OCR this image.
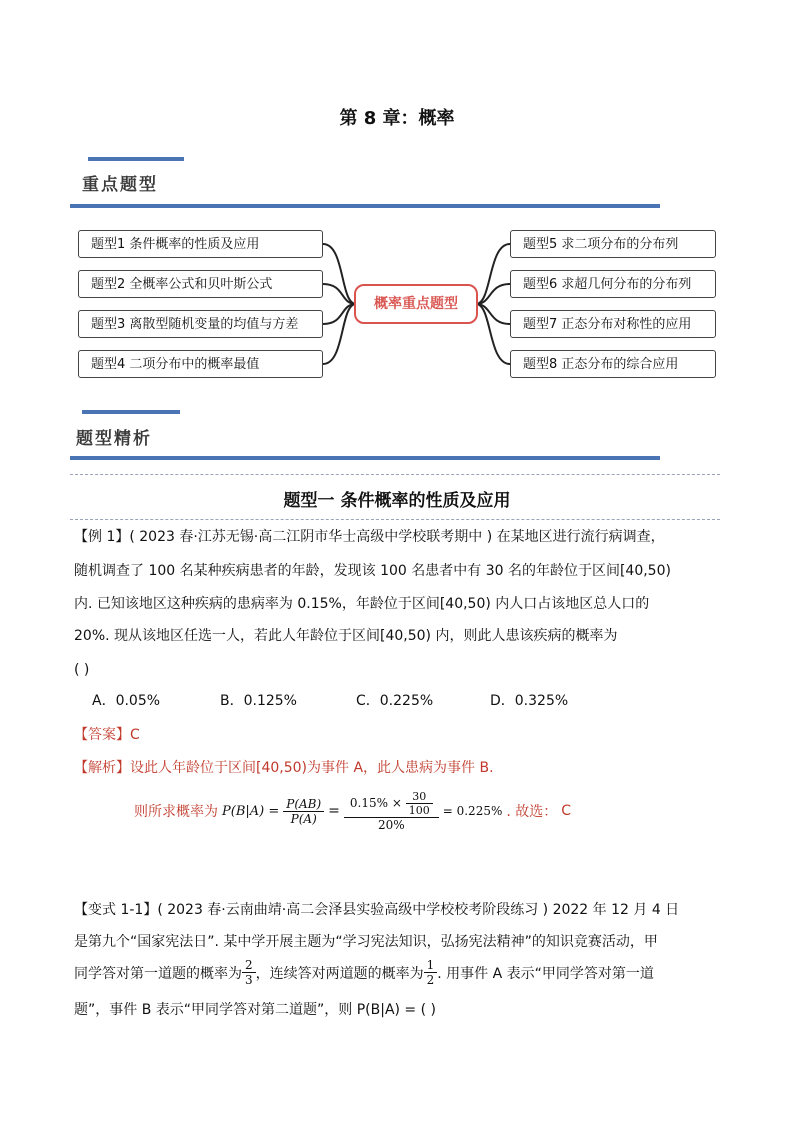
第 8 章：概率
重点题型
题型1 条件概率的性质及应用
题型2 全概率公式和贝叶斯公式
题型3 离散型随机变量的均值与方差
题型4 二项分布中的概率最值
概率重点题型
题型5 求二项分布的分布列
题型6 求超几何分布的分布列
题型7 正态分布对称性的应用
题型8 正态分布的综合应用
题型精析
题型一 条件概率的性质及应用
【例 1】( 2023 春·江苏无锡·高二江阴市华士高级中学校联考期中 ) 在某地区进行流行病调查，
随机调查了 100 名某种疾病患者的年龄，发现该 100 名患者中有 30 名的年龄位于区间[40,50)
内. 已知该地区这种疾病的患病率为 0.15%，年龄位于区间[40,50) 内人口占该地区总人口的
20%. 现从该地区任选一人，若此人年龄位于区间[40,50) 内，则此人患该疾病的概率为
( )
A．0.05%	B．0.125%	C．0.225%	D．0.325%
【答案】C
【解析】设此人年龄位于区间[40,50)为事件 A，此人患病为事件 B.
则所求概率为 $P(B|A) = \frac{P(AB)}{P(A)} = \frac{0.15\% \times \frac{30}{100}}{20\%} = 0.225\%$ . 故选： C
【变式 1-1】( 2023 春·云南曲靖·高二会泽县实验高级中学校校考阶段练习 ) 2022 年 12 月 4 日
是第九个“国家宪法日”. 某中学开展主题为“学习宪法知识，弘扬宪法精神”的知识竞赛活动，甲
同学答对第一道题的概率为 $\frac{2}{3}$ ，连续答对两道题的概率为 $\frac{1}{2}$ . 用事件 A 表示“甲同学答对第一道
题”，事件 B 表示“甲同学答对第二道题”，则 P(B|A) = ( )
